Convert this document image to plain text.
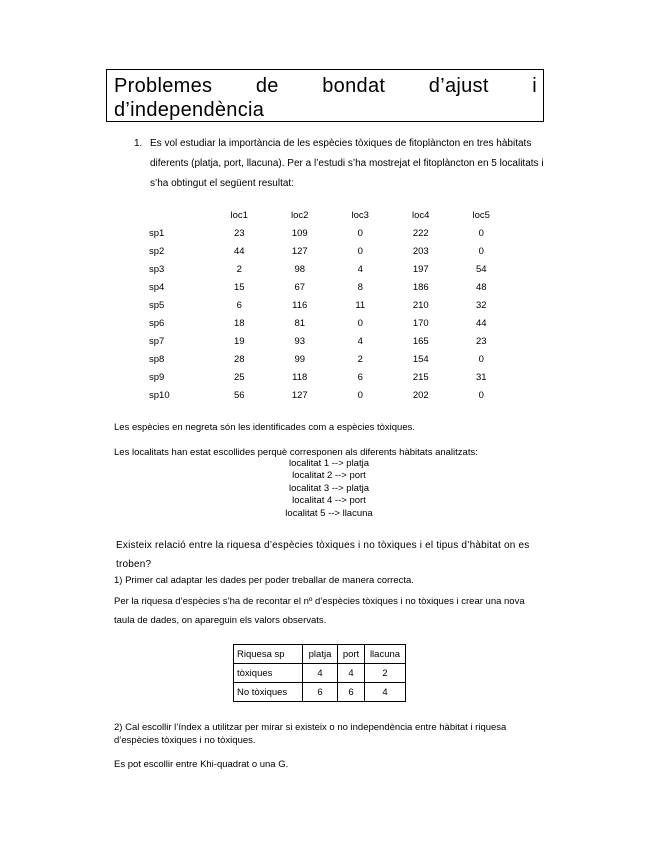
Problemes de bondat d’ajust i
d’independència
1. Es vol estudiar la importància de les espècies tòxiques de fitoplàncton en tres hàbitats diferents (platja, port, llacuna). Per a l’estudi s’ha mostrejat el fitoplàncton en 5 localitats i s’ha obtingut el següent resultat:
	loc1	loc2	loc3	loc4	loc5
sp1	23	109	0	222	0
sp2	44	127	0	203	0
sp3	2	98	4	197	54
sp4	15	67	8	186	48
sp5	6	116	11	210	32
sp6	18	81	0	170	44
sp7	19	93	4	165	23
sp8	28	99	2	154	0
sp9	25	118	6	215	31
sp10	56	127	0	202	0
Les espècies en negreta són les identificades com a espècies tòxiques.
Les localitats han estat escollides perquè corresponen als diferents hàbitats analitzats:
localitat 1 --> platja
localitat 2 --> port
localitat 3 --> platja
localitat 4 --> port
localitat 5 --> llacuna
Existeix relació entre la riquesa d’espècies tòxiques i no tòxiques i el tipus d’hàbitat on es troben?
1) Primer cal adaptar les dades per poder treballar de manera correcta.
Per la riquesa d’espècies s’ha de recontar el nº d’espècies tòxiques i no tòxiques i crear una nova taula de dades, on apareguin els valors observats.
Riquesa sp	platja	port	llacuna
tòxiques	4	4	2
No tòxiques	6	6	4
2) Cal escollir l’índex a utilitzar per mirar si existeix o no independència entre hàbitat i riquesa d’espècies tòxiques i no tòxiques.
Es pot escollir entre Khi-quadrat o una G.
